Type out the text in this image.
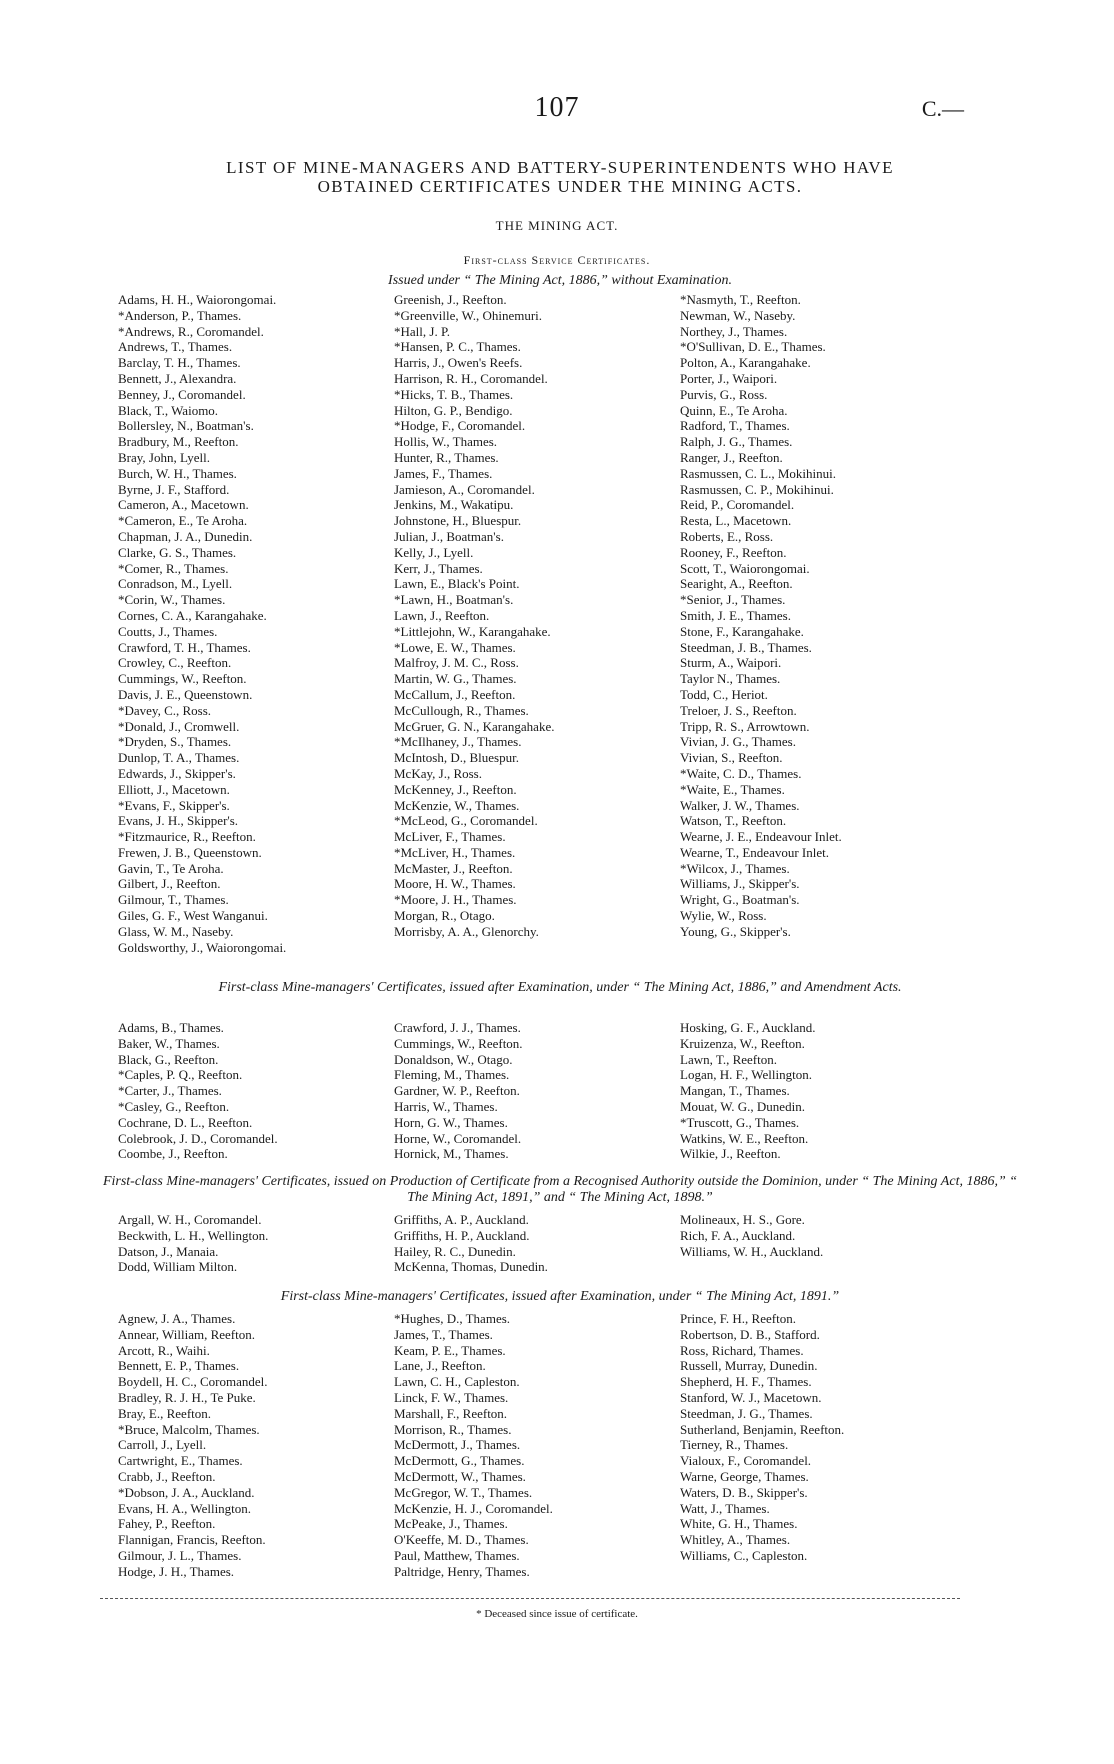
107	C.—
LIST OF MINE-MANAGERS AND BATTERY-SUPERINTENDENTS WHO HAVE
OBTAINED CERTIFICATES UNDER THE MINING ACTS.
THE MINING ACT.
First-class Service Certificates.
Issued under “ The Mining Act, 1886,” without Examination.
Adams, H. H., Waiorongomai.
*Anderson, P., Thames.
*Andrews, R., Coromandel.
Andrews, T., Thames.
Barclay, T. H., Thames.
Bennett, J., Alexandra.
Benney, J., Coromandel.
Black, T., Waiomo.
Bollersley, N., Boatman's.
Bradbury, M., Reefton.
Bray, John, Lyell.
Burch, W. H., Thames.
Byrne, J. F., Stafford.
Cameron, A., Macetown.
*Cameron, E., Te Aroha.
Chapman, J. A., Dunedin.
Clarke, G. S., Thames.
*Comer, R., Thames.
Conradson, M., Lyell.
*Corin, W., Thames.
Cornes, C. A., Karangahake.
Coutts, J., Thames.
Crawford, T. H., Thames.
Crowley, C., Reefton.
Cummings, W., Reefton.
Davis, J. E., Queenstown.
*Davey, C., Ross.
*Donald, J., Cromwell.
*Dryden, S., Thames.
Dunlop, T. A., Thames.
Edwards, J., Skipper's.
Elliott, J., Macetown.
*Evans, F., Skipper's.
Evans, J. H., Skipper's.
*Fitzmaurice, R., Reefton.
Frewen, J. B., Queenstown.
Gavin, T., Te Aroha.
Gilbert, J., Reefton.
Gilmour, T., Thames.
Giles, G. F., West Wanganui.
Glass, W. M., Naseby.
Goldsworthy, J., Waiorongomai.
Greenish, J., Reefton.
*Greenville, W., Ohinemuri.
*Hall, J. P.
*Hansen, P. C., Thames.
Harris, J., Owen's Reefs.
Harrison, R. H., Coromandel.
*Hicks, T. B., Thames.
Hilton, G. P., Bendigo.
*Hodge, F., Coromandel.
Hollis, W., Thames.
Hunter, R., Thames.
James, F., Thames.
Jamieson, A., Coromandel.
Jenkins, M., Wakatipu.
Johnstone, H., Bluespur.
Julian, J., Boatman's.
Kelly, J., Lyell.
Kerr, J., Thames.
Lawn, E., Black's Point.
*Lawn, H., Boatman's.
Lawn, J., Reefton.
*Littlejohn, W., Karangahake.
*Lowe, E. W., Thames.
Malfroy, J. M. C., Ross.
Martin, W. G., Thames.
McCallum, J., Reefton.
McCullough, R., Thames.
McGruer, G. N., Karangahake.
*McIlhaney, J., Thames.
McIntosh, D., Bluespur.
McKay, J., Ross.
McKenney, J., Reefton.
McKenzie, W., Thames.
*McLeod, G., Coromandel.
McLiver, F., Thames.
*McLiver, H., Thames.
McMaster, J., Reefton.
Moore, H. W., Thames.
*Moore, J. H., Thames.
Morgan, R., Otago.
Morrisby, A. A., Glenorchy.
*Nasmyth, T., Reefton.
Newman, W., Naseby.
Northey, J., Thames.
*O'Sullivan, D. E., Thames.
Polton, A., Karangahake.
Porter, J., Waipori.
Purvis, G., Ross.
Quinn, E., Te Aroha.
Radford, T., Thames.
Ralph, J. G., Thames.
Ranger, J., Reefton.
Rasmussen, C. L., Mokihinui.
Rasmussen, C. P., Mokihinui.
Reid, P., Coromandel.
Resta, L., Macetown.
Roberts, E., Ross.
Rooney, F., Reefton.
Scott, T., Waiorongomai.
Searight, A., Reefton.
*Senior, J., Thames.
Smith, J. E., Thames.
Stone, F., Karangahake.
Steedman, J. B., Thames.
Sturm, A., Waipori.
Taylor N., Thames.
Todd, C., Heriot.
Treloer, J. S., Reefton.
Tripp, R. S., Arrowtown.
Vivian, J. G., Thames.
Vivian, S., Reefton.
*Waite, C. D., Thames.
*Waite, E., Thames.
Walker, J. W., Thames.
Watson, T., Reefton.
Wearne, J. E., Endeavour Inlet.
Wearne, T., Endeavour Inlet.
*Wilcox, J., Thames.
Williams, J., Skipper's.
Wright, G., Boatman's.
Wylie, W., Ross.
Young, G., Skipper's.
First-class Mine-managers' Certificates, issued after Examination, under “ The Mining Act, 1886,” and Amendment Acts.
Adams, B., Thames.
Baker, W., Thames.
Black, G., Reefton.
*Caples, P. Q., Reefton.
*Carter, J., Thames.
*Casley, G., Reefton.
Cochrane, D. L., Reefton.
Colebrook, J. D., Coromandel.
Coombe, J., Reefton.
Crawford, J. J., Thames.
Cummings, W., Reefton.
Donaldson, W., Otago.
Fleming, M., Thames.
Gardner, W. P., Reefton.
Harris, W., Thames.
Horn, G. W., Thames.
Horne, W., Coromandel.
Hornick, M., Thames.
Hosking, G. F., Auckland.
Kruizenza, W., Reefton.
Lawn, T., Reefton.
Logan, H. F., Wellington.
Mangan, T., Thames.
Mouat, W. G., Dunedin.
*Truscott, G., Thames.
Watkins, W. E., Reefton.
Wilkie, J., Reefton.
First-class Mine-managers' Certificates, issued on Production of Certificate from a Recognised Authority outside the Dominion, under “ The Mining Act, 1886,” “ The Mining Act, 1891,” and “ The Mining Act, 1898.”
Argall, W. H., Coromandel.
Beckwith, L. H., Wellington.
Datson, J., Manaia.
Dodd, William Milton.
Griffiths, A. P., Auckland.
Griffiths, H. P., Auckland.
Hailey, R. C., Dunedin.
McKenna, Thomas, Dunedin.
Molineaux, H. S., Gore.
Rich, F. A., Auckland.
Williams, W. H., Auckland.
First-class Mine-managers' Certificates, issued after Examination, under “ The Mining Act, 1891.”
Agnew, J. A., Thames.
Annear, William, Reefton.
Arcott, R., Waihi.
Bennett, E. P., Thames.
Boydell, H. C., Coromandel.
Bradley, R. J. H., Te Puke.
Bray, E., Reefton.
*Bruce, Malcolm, Thames.
Carroll, J., Lyell.
Cartwright, E., Thames.
Crabb, J., Reefton.
*Dobson, J. A., Auckland.
Evans, H. A., Wellington.
Fahey, P., Reefton.
Flannigan, Francis, Reefton.
Gilmour, J. L., Thames.
Hodge, J. H., Thames.
*Hughes, D., Thames.
James, T., Thames.
Keam, P. E., Thames.
Lane, J., Reefton.
Lawn, C. H., Capleston.
Linck, F. W., Thames.
Marshall, F., Reefton.
Morrison, R., Thames.
McDermott, J., Thames.
McDermott, G., Thames.
McDermott, W., Thames.
McGregor, W. T., Thames.
McKenzie, H. J., Coromandel.
McPeake, J., Thames.
O'Keeffe, M. D., Thames.
Paul, Matthew, Thames.
Paltridge, Henry, Thames.
Prince, F. H., Reefton.
Robertson, D. B., Stafford.
Ross, Richard, Thames.
Russell, Murray, Dunedin.
Shepherd, H. F., Thames.
Stanford, W. J., Macetown.
Steedman, J. G., Thames.
Sutherland, Benjamin, Reefton.
Tierney, R., Thames.
Vialoux, F., Coromandel.
Warne, George, Thames.
Waters, D. B., Skipper's.
Watt, J., Thames.
White, G. H., Thames.
Whitley, A., Thames.
Williams, C., Capleston.
* Deceased since issue of certificate.
